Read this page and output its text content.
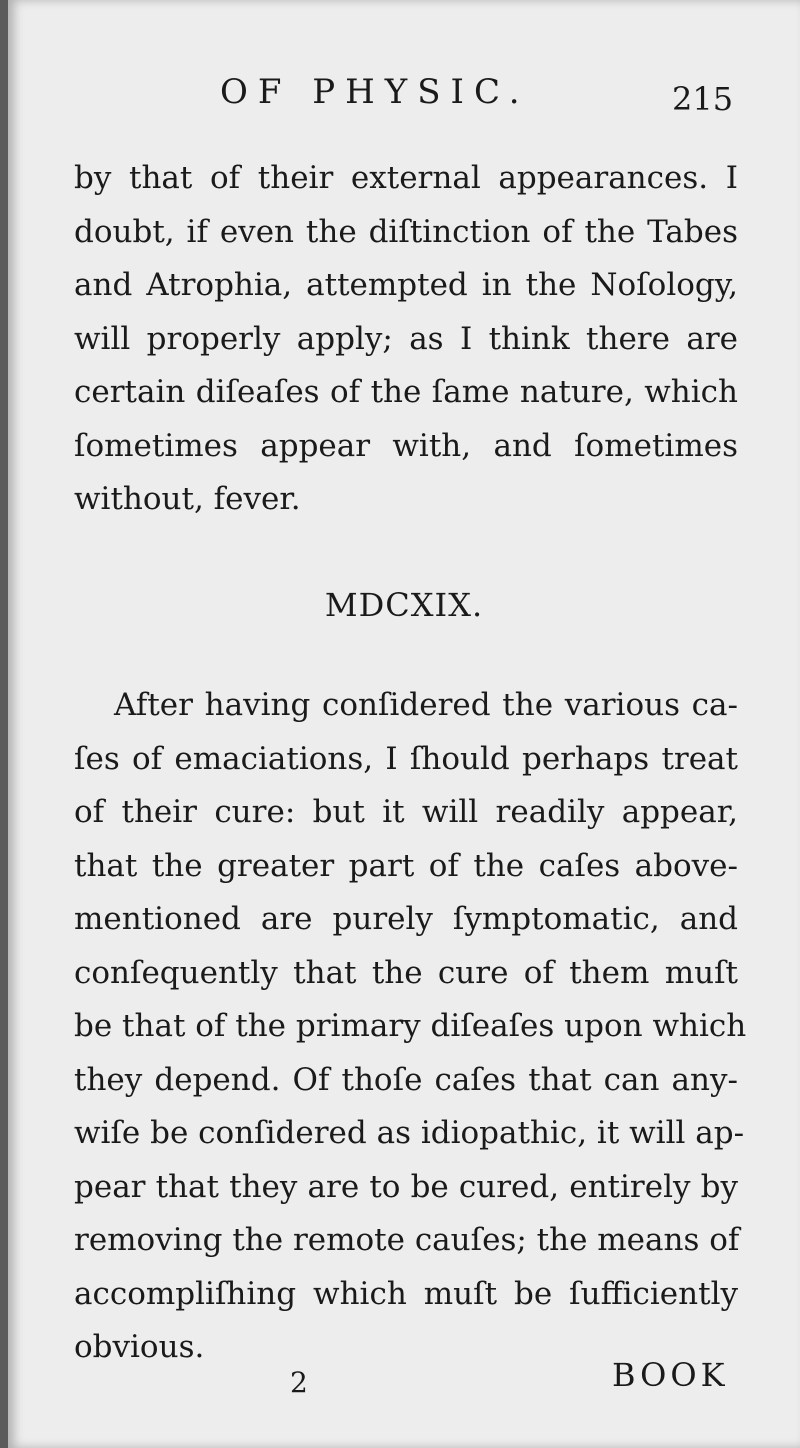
OF PHYSIC.	215
by that of their external appearances. I
doubt, if even the diſtinction of the Tabes
and Atrophia, attempted in the Noſology,
will properly apply; as I think there are
certain diſeaſes of the ſame nature, which
ſometimes appear with, and ſometimes
without, fever.
MDCXIX.
After having conſidered the various ca-
ſes of emaciations, I ſhould perhaps treat
of their cure: but it will readily appear,
that the greater part of the caſes above-
mentioned are purely ſymptomatic, and
conſequently that the cure of them muſt
be that of the primary diſeaſes upon which
they depend. Of thoſe caſes that can any-
wiſe be conſidered as idiopathic, it will ap-
pear that they are to be cured, entirely by
removing the remote cauſes; the means of
accompliſhing which muſt be ſufficiently
obvious.
2	BOOK
